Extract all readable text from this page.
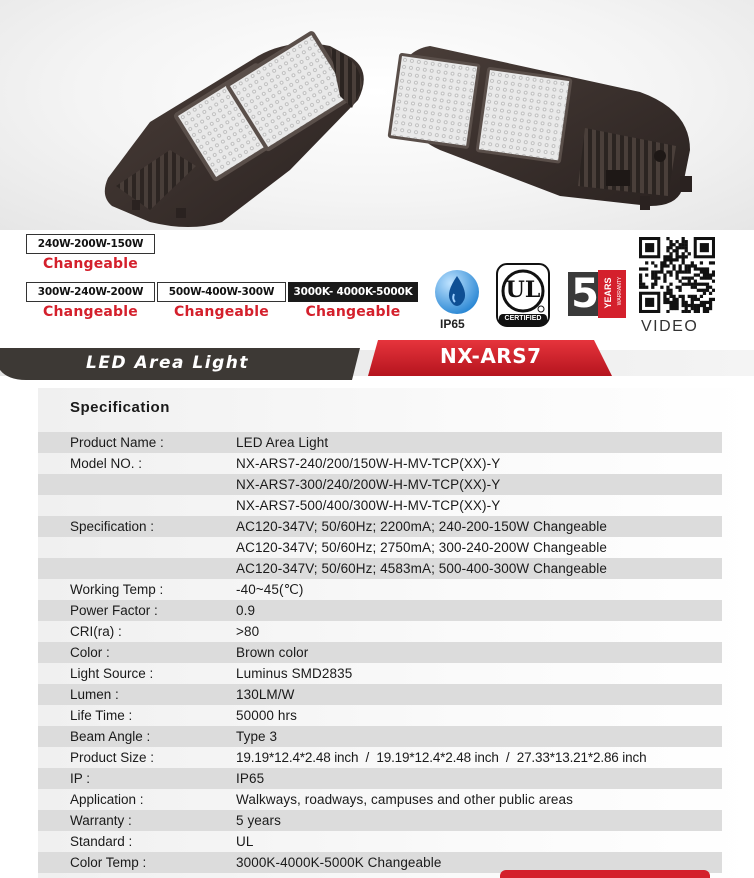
240W-200W-150W
Changeable
300W-240W-200W
Changeable
500W-400W-300W
Changeable
3000K- 4000K-5000K
Changeable
IP65
UL
CERTIFIED
5 YEARS WARRANTY
VIDEO
LED Area Light	NX-ARS7
Specification
Product Name :	LED Area Light
Model NO. :	NX-ARS7-240/200/150W-H-MV-TCP(XX)-Y
NX-ARS7-300/240/200W-H-MV-TCP(XX)-Y
NX-ARS7-500/400/300W-H-MV-TCP(XX)-Y
Specification :	AC120-347V; 50/60Hz; 2200mA; 240-200-150W Changeable
AC120-347V; 50/60Hz; 2750mA; 300-240-200W Changeable
AC120-347V; 50/60Hz; 4583mA; 500-400-300W Changeable
Working Temp :	-40~45(℃)
Power Factor :	0.9
CRI(ra) :	>80
Color :	Brown color
Light Source :	Luminus SMD2835
Lumen :	130LM/W
Life Time :	50000 hrs
Beam Angle :	Type 3
Product Size :	19.19*12.4*2.48 inch  /  19.19*12.4*2.48 inch  /  27.33*13.21*2.86 inch
IP :	IP65
Application :	Walkways, roadways, campuses and other public areas
Warranty :	5 years
Standard :	UL
Color Temp :	3000K-4000K-5000K Changeable
